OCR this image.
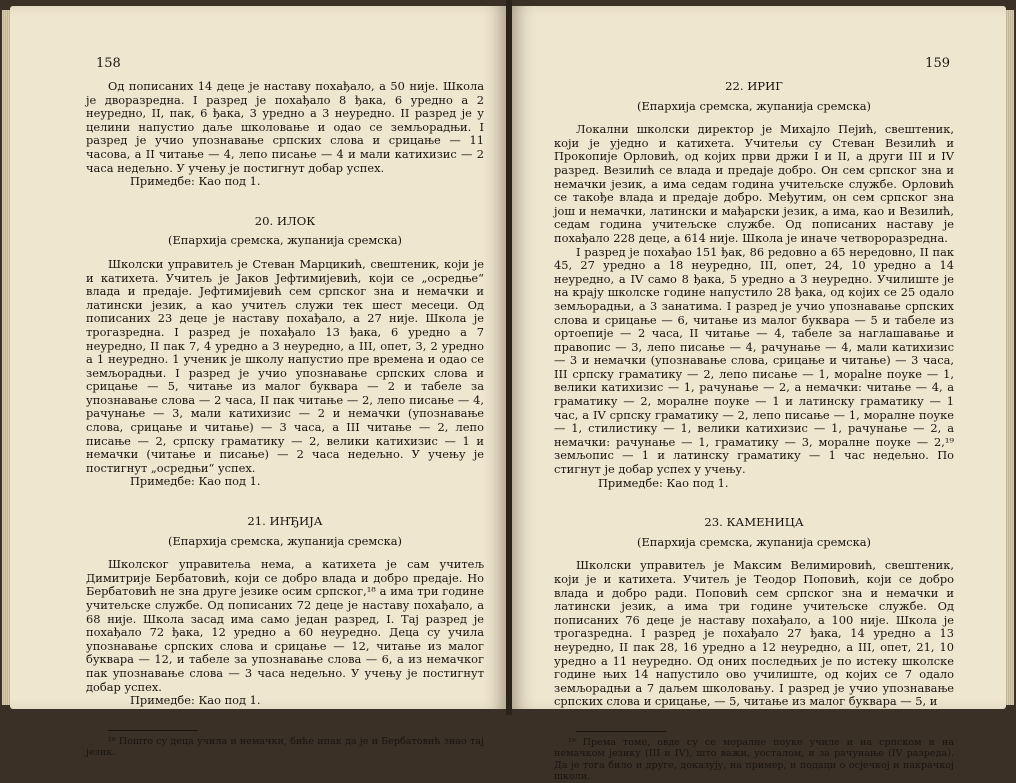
158

Од пописаних 14 деце је наставу похађало, а 50 није. Школа је дворазредна. I разред је похађало 8 ђака, 6 уредно а 2 неуредно, II, пак, 6 ђака, 3 уредно а 3 неуредно. II разред је у целини напустио даље школовање и одао се земљорадњи. I разред је учио упознавање српских слова и срицање — 11 часова, а II читање — 4, лепо писање — 4 и мали катихизис — 2 часа недељно. У учењу је постигнут добар успех.

Примедбе: Као под 1.

20. ИЛОК
(Епархија сремска, жупанија сремска)

Школски управитељ је Стеван Марцикић, свештеник, који је и катихета. Учитељ је Јаков Јефтимијевић, који се „осредње“ влада и предаје. Јефтимијевић сем српског зна и немачки и латински језик, а као учитељ служи тек шест месеци. Од пописаних 23 деце је наставу похађало, а 27 није. Школа је трогазредна. I разред је похађало 13 ђака, 6 уредно а 7 неуредно, II пак 7, 4 уредно а 3 неуредно, а III, опет, 3, 2 уредно а 1 неуредно. 1 ученик је школу напустио пре времена и одао се земљорадњи. I разред је учио упознавање српских слова и срицање — 5, читање из малог буквара — 2 и табеле за упознавање слова — 2 часа, II пак читање — 2, лепо писање — 4, рачунање — 3, мали катихизис — 2 и немачки (упознавање слова, срицање и читање) — 3 часа, а III читање — 2, лепо писање — 2, српску граматику — 2, велики катихизис — 1 и немачки (читање и писање) — 2 часа недељно. У учењу је постигнут „осредњи“ успех.

Примедбе: Као под 1.

21. ИНЂИЈА
(Епархија сремска, жупанија сремска)

Школског управитеља нема, а катихета је сам учитељ Димитрије Бербатовић, који се добро влада и добро предаје. Но Бербатовић не зна друге језике осим српског,¹⁸ а има три године учитељске службе. Од пописаних 72 деце је наставу похађало, а 68 није. Школа засад има само један разред, I. Тај разред је похађало 72 ђака, 12 уредно а 60 неуредно. Деца су учила упознавање српских слова и срицање — 12, читање из малог буквара — 12, и табеле за упознавање слова — 6, а из немачког пак упознавање слова — 3 часа недељно. У учењу је постигнут добар успех.

Примедбе: Као под 1.

¹⁸ Пошто су деца учила и немачки, биће ипак да је и Бербатовић знао тај језик.

159
22. ИРИГ
(Епархија сремска, жупанија сремска)

Локални школски директор је Михајло Пејић, свештеник, који је уједно и катихета. Учитељи су Стеван Везилић и Прокопије Орловић, од којих први држи I и II, а други III и IV разред. Везилић се влада и предаје добро. Он сем српског зна и немачки језик, а има седам година учитељске службе. Орловић се такође влада и предаје добро. Међутим, он сем српског зна још и немачки, латински и мађарски језик, а има, као и Везилић, седам година учитељске службе. Од пописаних наставу је похађало 228 деце, а 614 није. Школа је иначе четвороразредна.

I разред је похађао 151 ђак, 86 редовно а 65 нередовно, II пак 45, 27 уредно а 18 неуредно, III, опет, 24, 10 уредно а 14 неуредно, а IV само 8 ђака, 5 уредно а 3 неуредно. Училиште је на крају школске године напустило 28 ђака, од којих се 25 одало земљорадњи, а 3 занатима. I разред је учио упознавање српских слова и срицање — 6, читање из малог буквара — 5 и табеле из ортоепије — 2 часа, II читање — 4, табеле за наглашавање и правопис — 3, лепо писање — 4, рачунање — 4, мали катихизис — 3 и немачки (упознавање слова, срицање и читање) — 3 часа, III српску граматику — 2, лепо писање — 1, мораlне поуке — 1, велики катихизис — 1, рачунање — 2, а немачки: читање — 4, а граматику — 2, моралне поуке — 1 и латинску граматику — 1 час, а IV српску граматику — 2, лепо писање — 1, моралне поуке — 1, стилистику — 1, велики катихизис — 1, рачунање — 2, а немачки: рачунање — 1, граматику — 3, моралне поуке — 2,¹⁹ земљопис — 1 и латинску граматику — 1 час недељно. По стигнут је добар успех у учењу.

Примедбе: Као под 1.

23. КАМЕНИЦА
(Епархија сремска, жупанија сремска)

Школски управитељ је Максим Велимировић, свештеник, који је и катихета. Учитељ је Теодор Поповић, који се добро влада и добро ради. Поповић сем српског зна и немачки и латински језик, а има три године учитељске службе. Од пописаних 76 деце је наставу похађало, а 100 није. Школа је трогазредна. I разред је похађало 27 ђака, 14 уредно а 13 неуредно, II пак 28, 16 уредно а 12 неуредно, а III, опет, 21, 10 уредно а 11 неуредно. Од оних последњих је по истеку школске године њих 14 напустило ово училиште, од којих се 7 одало земљорадњи а 7 даљем школовању. I разред је учио упознавање српских слова и срицање, — 5, читање из малог буквара — 5, и

¹⁹ Према томе, овде су се моралне поуке училе и на српском и на немачком језику (III и IV), што важи, уосталом, и за рачунање (IV разреда). Да је тога било и друге, доказују, на пример, и подаци о осјечкој и пакрачкој школи.
